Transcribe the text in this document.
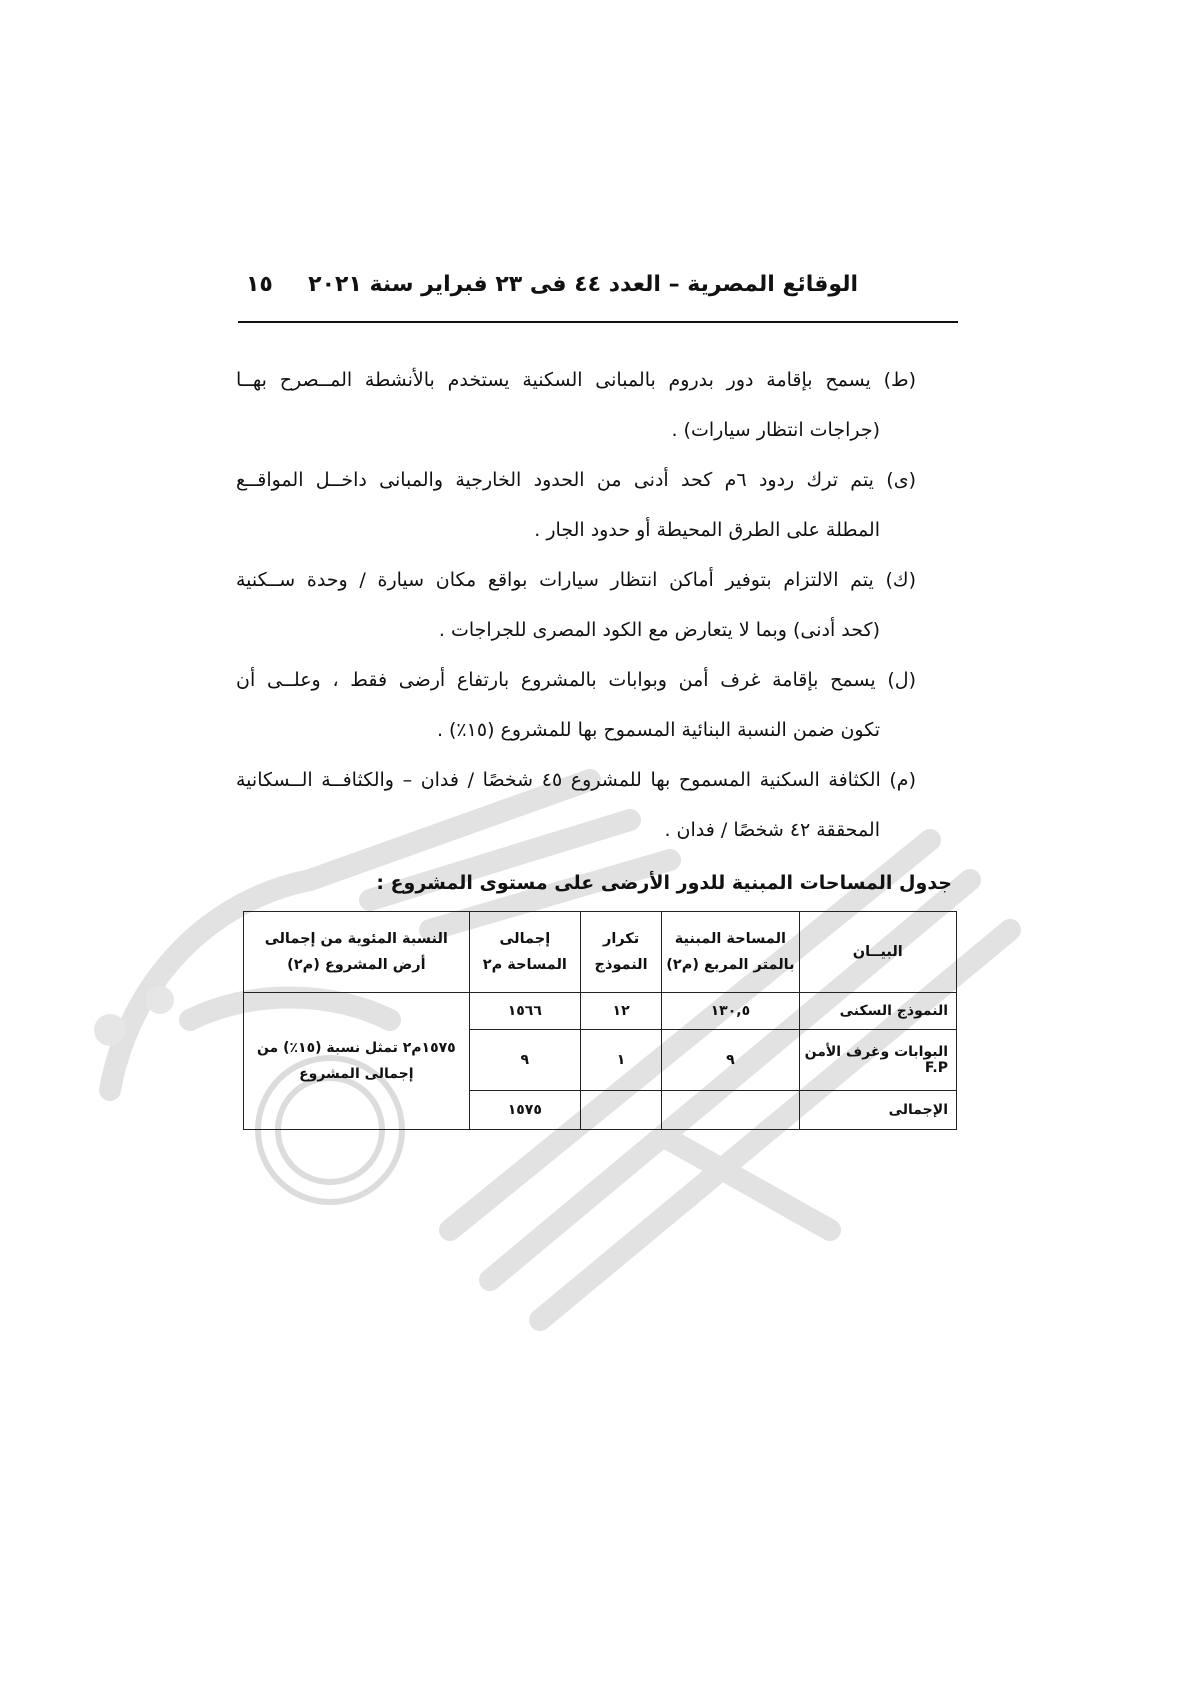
الوقائع المصرية – العدد ٤٤ فى ٢٣ فبراير سنة ٢٠٢١
١٥
(ط) يسمح بإقامة دور بدروم بالمبانى السكنية يستخدم بالأنشطة المــصرح بهــا
(جراجات انتظار سيارات) .
(ى) يتم ترك ردود ٦م كحد أدنى من الحدود الخارجية والمبانى داخــل المواقــع
المطلة على الطرق المحيطة أو حدود الجار .
(ك) يتم الالتزام بتوفير أماكن انتظار سيارات بواقع مكان سيارة / وحدة ســكنية
(كحد أدنى) وبما لا يتعارض مع الكود المصرى للجراجات .
(ل) يسمح بإقامة غرف أمن وبوابات بالمشروع بارتفاع أرضى فقط ، وعلــى أن
تكون ضمن النسبة البنائية المسموح بها للمشروع (١٥٪) .
(م) الكثافة السكنية المسموح بها للمشروع ٤٥ شخصًا / فدان – والكثافــة الــسكانية
المحققة ٤٢ شخصًا / فدان .
جدول المساحات المبنية للدور الأرضى على مستوى المشروع :
البيــان	المساحة المبنية بالمتر المربع (م٢)	تكرار النموذج	إجمالى المساحة م٢	النسبة المئوية من إجمالى أرض المشروع (م٢)
النموذج السكنى	١٣٠,٥	١٢	١٥٦٦	١٥٧٥م٢ تمثل نسبة (١٥٪) من إجمالى المشروع
البوابات وغرف الأمن F.P	٩	١	٩	
الإجمالى			١٥٧٥	
